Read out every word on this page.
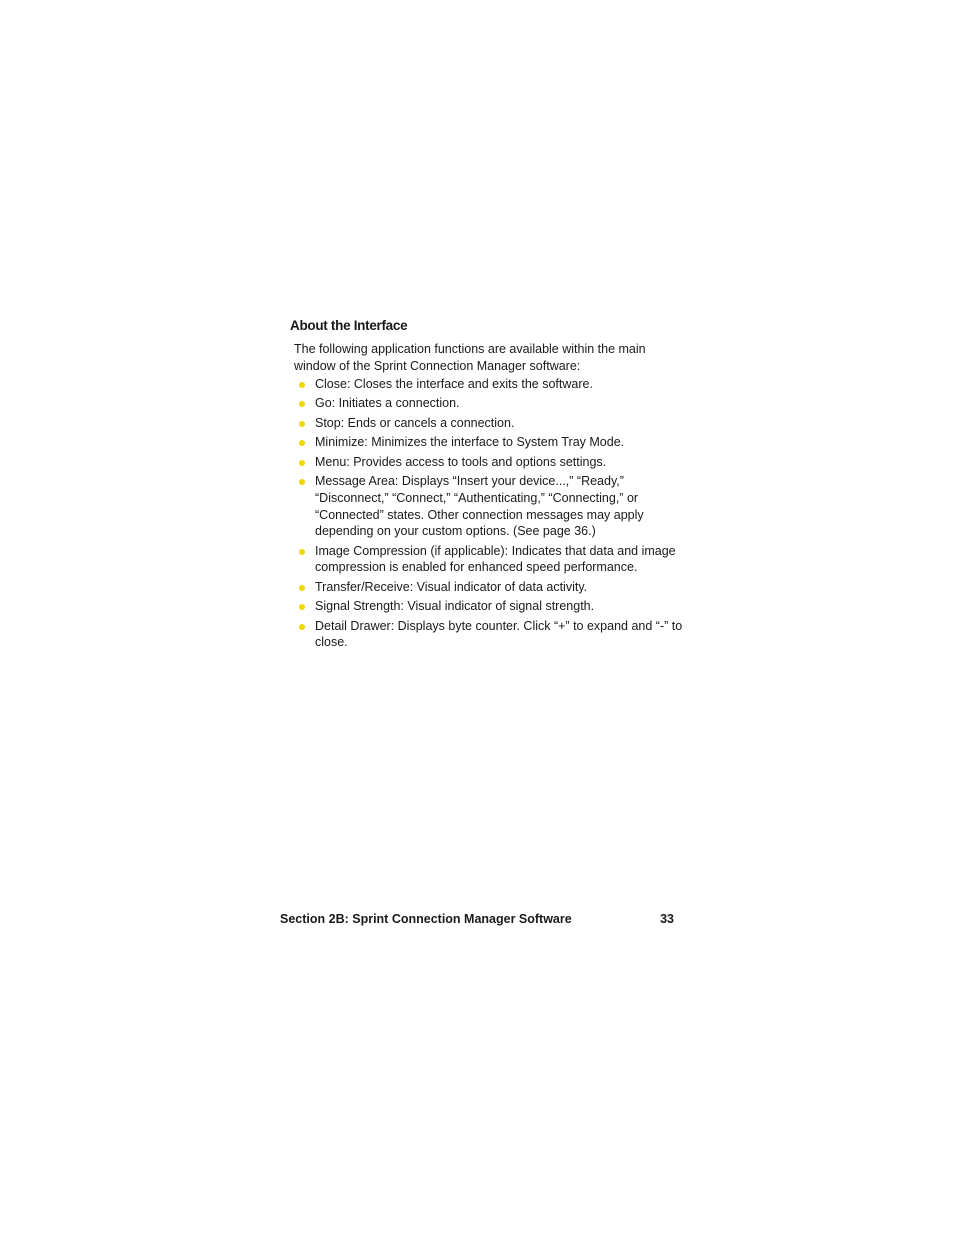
About the Interface

The following application functions are available within the main window of the Sprint Connection Manager software:

Close: Closes the interface and exits the software.
Go: Initiates a connection.
Stop: Ends or cancels a connection.
Minimize: Minimizes the interface to System Tray Mode.
Menu: Provides access to tools and options settings.
Message Area: Displays “Insert your device...,” “Ready,” “Disconnect,” “Connect,” “Authenticating,” “Connecting,” or “Connected” states. Other connection messages may apply depending on your custom options. (See page 36.)
Image Compression (if applicable): Indicates that data and image compression is enabled for enhanced speed performance.
Transfer/Receive: Visual indicator of data activity.
Signal Strength: Visual indicator of signal strength.
Detail Drawer: Displays byte counter. Click “+” to expand and “-” to close.
Section 2B: Sprint Connection Manager Software	33
